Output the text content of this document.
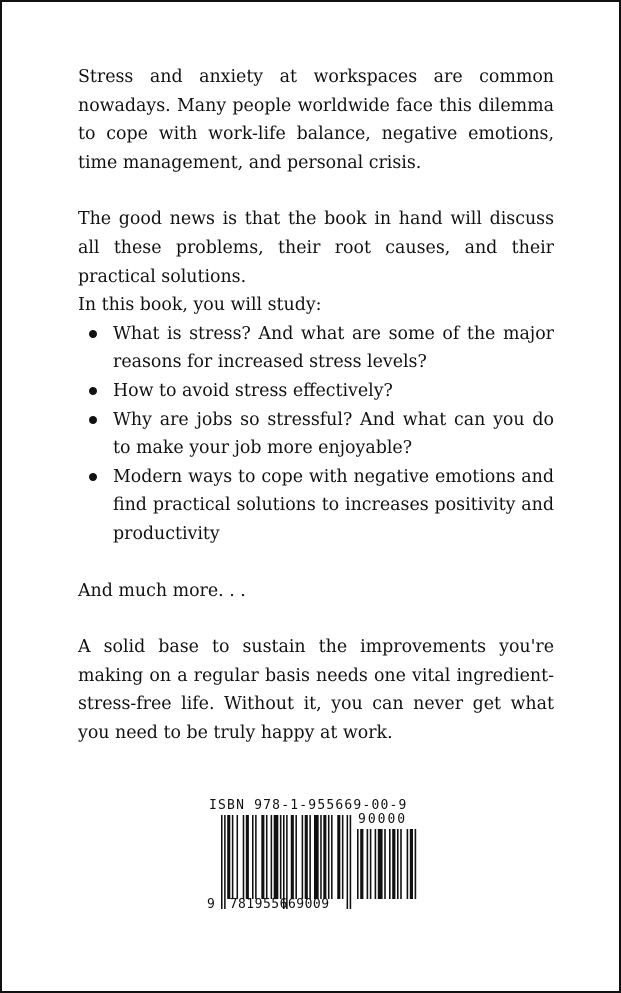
Stress and anxiety at workspaces are common nowadays. Many people worldwide face this dilemma to cope with work-life balance, negative emotions, time management, and personal crisis.

The good news is that the book in hand will discuss all these problems, their root causes, and their practical solutions.

In this book, you will study:

What is stress? And what are some of the major reasons for increased stress levels?
How to avoid stress effectively?
Why are jobs so stressful? And what can you do to make your job more enjoyable?
Modern ways to cope with negative emotions and find practical solutions to increases positivity and productivity

And much more. . .

A solid base to sustain the improvements you're making on a regular basis needs one vital ingredient- stress-free life. Without it, you can never get what you need to be truly happy at work.

ISBN 978-1-955669-00-9
90000
9 781955669009
